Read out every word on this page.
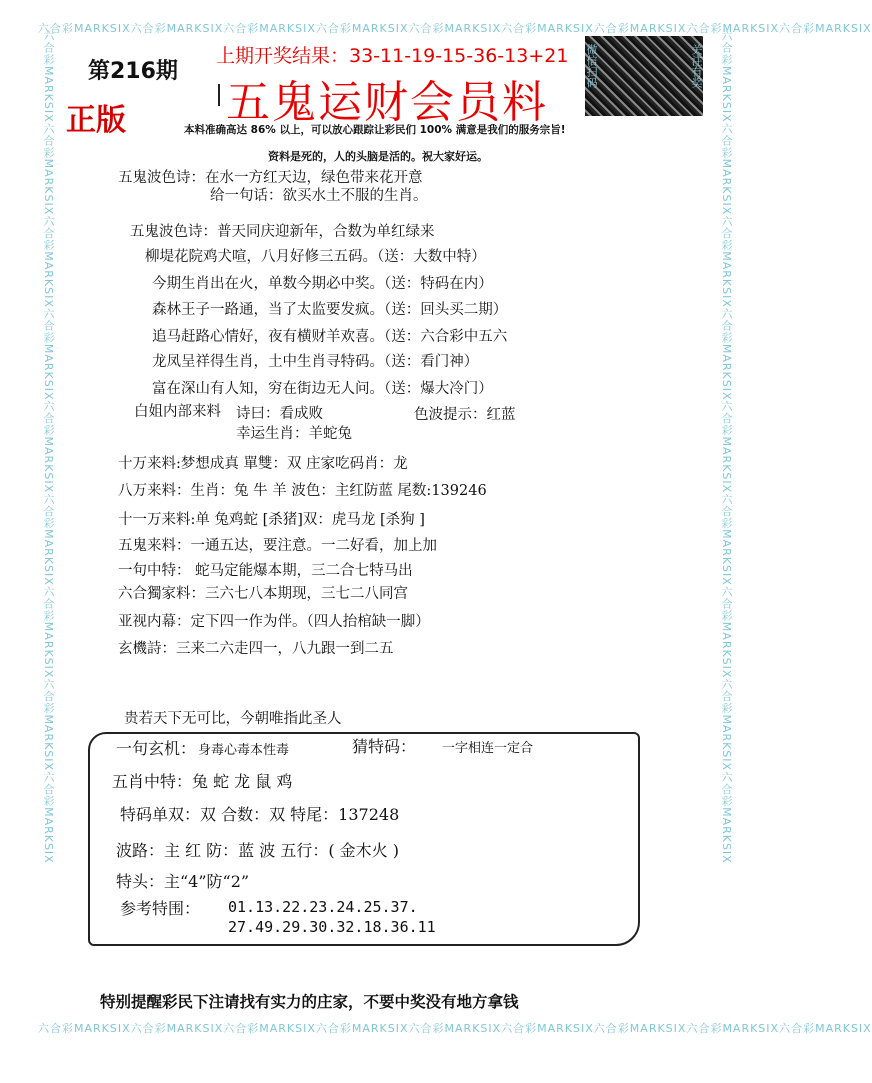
六合彩MARKSIX六合彩MARKSIX六合彩MARKSIX六合彩MARKSIX六合彩MARKSIX六合彩MARKSIX六合彩MARKSIX六合彩MARKSIX六合彩MARKSIX
六合彩MARKSIX六合彩MARKSIX六合彩MARKSIX六合彩MARKSIX六合彩MARKSIX六合彩MARKSIX六合彩MARKSIX六合彩MARKSIX六合彩MARKSIX
六合彩MARKSIX六合彩MARKSIX六合彩MARKSIX六合彩MARKSIX六合彩MARKSIX六合彩MARKSIX六合彩MARKSIX六合彩MARKSIX六合彩MARKSIX	六合彩MARKSIX六合彩MARKSIX六合彩MARKSIX六合彩MARKSIX六合彩MARKSIX六合彩MARKSIX六合彩MARKSIX六合彩MARKSIX六合彩MARKSIX
第216期
正版
上期开奖结果：33-11-19-15-36-13+21
五鬼运财会员料
微信扫码	关注有奖
本料准确高达 86% 以上，可以放心跟踪让彩民们 100% 满意是我们的服务宗旨!
资料是死的，人的头脑是活的。祝大家好运。
五鬼波色诗：在水一方红天边，绿色带来花开意
给一句话：欲买水土不服的生肖。
五鬼波色诗：普天同庆迎新年，合数为单红绿来
柳堤花院鸡犬喧，八月好修三五码。（送：大数中特）
今期生肖出在火，单数今期必中奖。（送：特码在内）
森林王子一路通，当了太监要发疯。（送：回头买二期）
追马赶路心情好，夜有横财羊欢喜。（送：六合彩中五六
龙凤呈祥得生肖，土中生肖寻特码。（送：看门神）
富在深山有人知，穷在街边无人问。（送：爆大冷门）
白姐内部来料 诗曰：看成败	色波提示：红蓝
幸运生肖：羊蛇兔
十万来料:梦想成真 單雙：双 庄家吃码肖：龙
八万来料：生肖：兔 牛 羊 波色：主红防蓝 尾数:139246
十一万来料:单 兔鸡蛇 [杀猪]双：虎马龙 [杀狗 ]
五鬼来料：一通五达，要注意。一二好看，加上加
一句中特： 蛇马定能爆本期，三二合七特马出
六合獨家料：三六七八本期现，三七二八同宫
亚视内幕：定下四一作为伴。（四人抬棺缺一脚）
玄機詩：三来二六走四一，八九跟一到二五
贵若天下无可比，今朝唯指此圣人
一句玄机： 身毒心毒本性毒	猜特码： 一字相连一定合
五肖中特：兔 蛇 龙 鼠 鸡
特码单双：双 合数：双 特尾：137248
波路：主 红 防：蓝 波 五行：( 金木火 )
特头：主“4”防“2”
参考特围： 01.13.22.23.24.25.37.
27.49.29.30.32.18.36.11
特别提醒彩民下注请找有实力的庄家，不要中奖没有地方拿钱
